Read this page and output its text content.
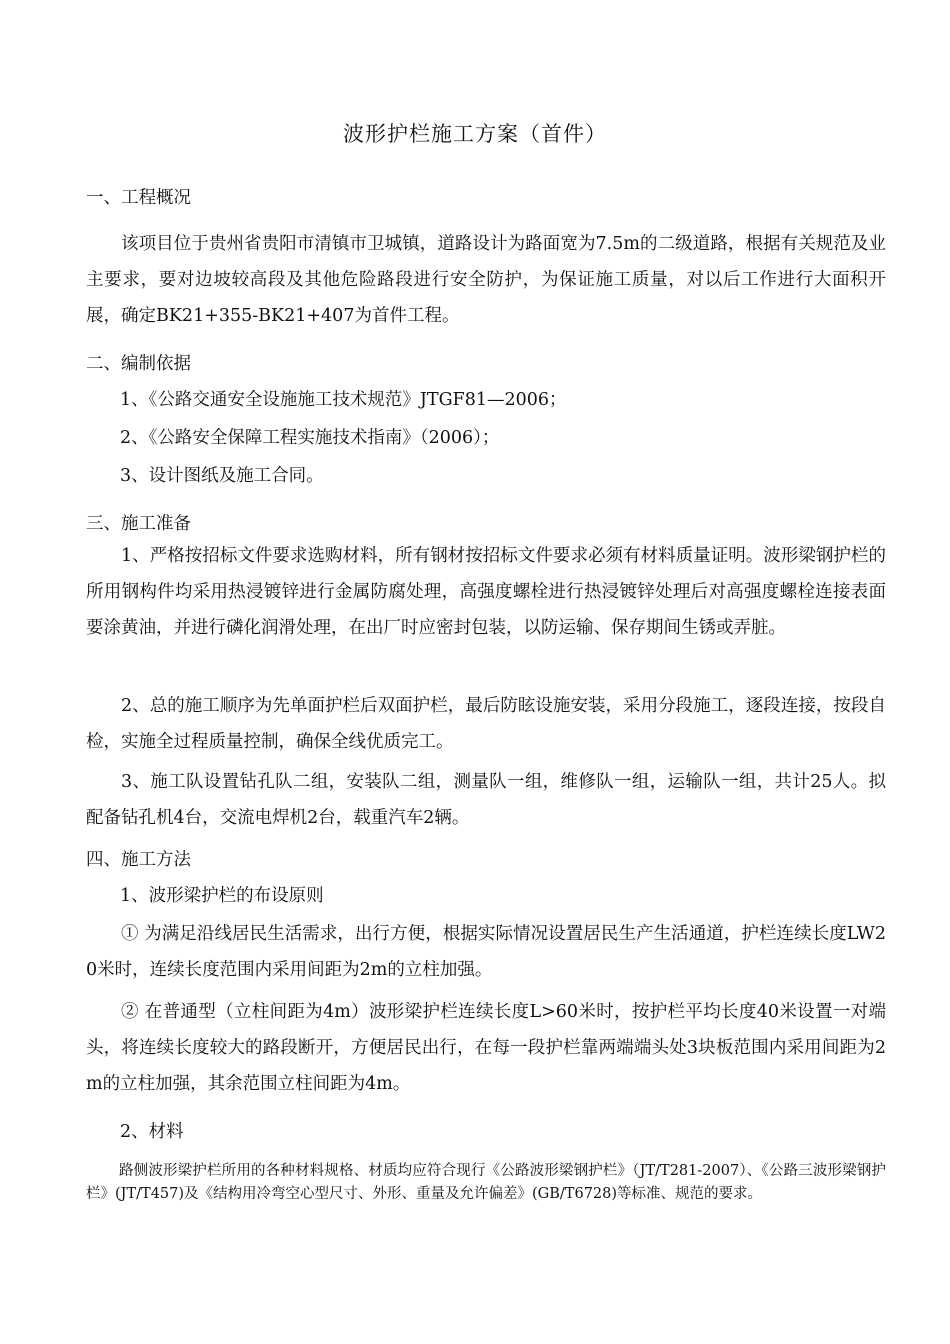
波形护栏施工方案（首件）
一、工程概况
该项目位于贵州省贵阳市清镇市卫城镇，道路设计为路面宽为7.5m的二级道路，根据有关规范及业主要求，要对边坡较高段及其他危险路段进行安全防护，为保证施工质量，对以后工作进行大面积开展，确定BK21+355-BK21+407为首件工程。
二、编制依据
1、《公路交通安全设施施工技术规范》JTGF81—2006；
2、《公路安全保障工程实施技术指南》（2006）；
3、设计图纸及施工合同。
三、施工准备
1、严格按招标文件要求选购材料，所有钢材按招标文件要求必须有材料质量证明。波形梁钢护栏的所用钢构件均采用热浸镀锌进行金属防腐处理，高强度螺栓进行热浸镀锌处理后对高强度螺栓连接表面要涂黄油，并进行磷化润滑处理，在出厂时应密封包装，以防运输、保存期间生锈或弄脏。
2、总的施工顺序为先单面护栏后双面护栏，最后防眩设施安装，采用分段施工，逐段连接，按段自检，实施全过程质量控制，确保全线优质完工。
3、施工队设置钻孔队二组，安装队二组，测量队一组，维修队一组，运输队一组，共计25人。拟配备钻孔机4台，交流电焊机2台，载重汽车2辆。
四、施工方法
1、波形梁护栏的布设原则
① 为满足沿线居民生活需求，出行方便，根据实际情况设置居民生产生活通道，护栏连续长度LW20米时，连续长度范围内采用间距为2m的立柱加强。
② 在普通型（立柱间距为4m）波形梁护栏连续长度L>60米时，按护栏平均长度40米设置一对端头，将连续长度较大的路段断开，方便居民出行，在每一段护栏靠两端端头处3块板范围内采用间距为2m的立柱加强，其余范围立柱间距为4m。
2、材料
路侧波形梁护栏所用的各种材料规格、材质均应符合现行《公路波形梁钢护栏》（JT/T281-2007）、《公路三波形梁钢护栏》(JT/T457)及《结构用冷弯空心型尺寸、外形、重量及允许偏差》(GB/T6728)等标准、规范的要求。
